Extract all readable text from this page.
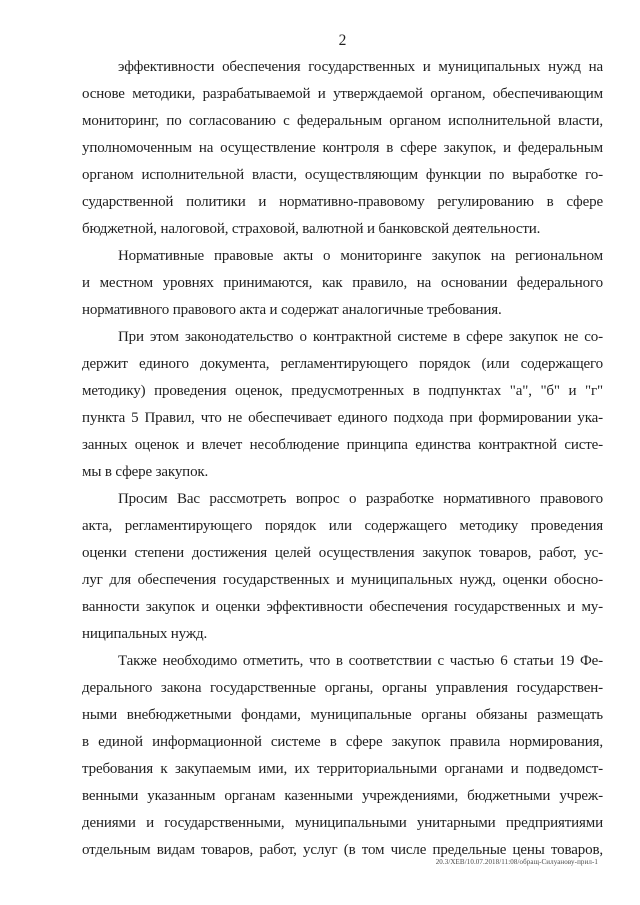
2
эффективности обеспечения государственных и муниципальных нужд на
основе методики, разрабатываемой и утверждаемой органом, обеспечивающим
мониторинг, по согласованию с федеральным органом исполнительной власти,
уполномоченным на осуществление контроля в сфере закупок, и федеральным
органом исполнительной власти, осуществляющим функции по выработке го-
сударственной политики и нормативно-правовому регулированию в сфере
бюджетной, налоговой, страховой, валютной и банковской деятельности.
Нормативные правовые акты о мониторинге закупок на региональном
и местном уровнях принимаются, как правило, на основании федерального
нормативного правового акта и содержат аналогичные требования.
При этом законодательство о контрактной системе в сфере закупок не со-
держит единого документа, регламентирующего порядок (или содержащего
методику) проведения оценок, предусмотренных в подпунктах "а", "б" и "г"
пункта 5 Правил, что не обеспечивает единого подхода при формировании ука-
занных оценок и влечет несоблюдение принципа единства контрактной систе-
мы в сфере закупок.
Просим Вас рассмотреть вопрос о разработке нормативного правового
акта, регламентирующего порядок или содержащего методику проведения
оценки степени достижения целей осуществления закупок товаров, работ, ус-
луг для обеспечения государственных и муниципальных нужд, оценки обосно-
ванности закупок и оценки эффективности обеспечения государственных и му-
ниципальных нужд.
Также необходимо отметить, что в соответствии с частью 6 статьи 19 Фе-
дерального закона государственные органы, органы управления государствен-
ными внебюджетными фондами, муниципальные органы обязаны размещать
в единой информационной системе в сфере закупок правила нормирования,
требования к закупаемым ими, их территориальными органами и подведомст-
венными указанным органам казенными учреждениями, бюджетными учреж-
дениями и государственными, муниципальными унитарными предприятиями
отдельным видам товаров, работ, услуг (в том числе предельные цены товаров,
20.3/ХЕВ/10.07.2018/11:08/обращ-Силуанову-прил-1
